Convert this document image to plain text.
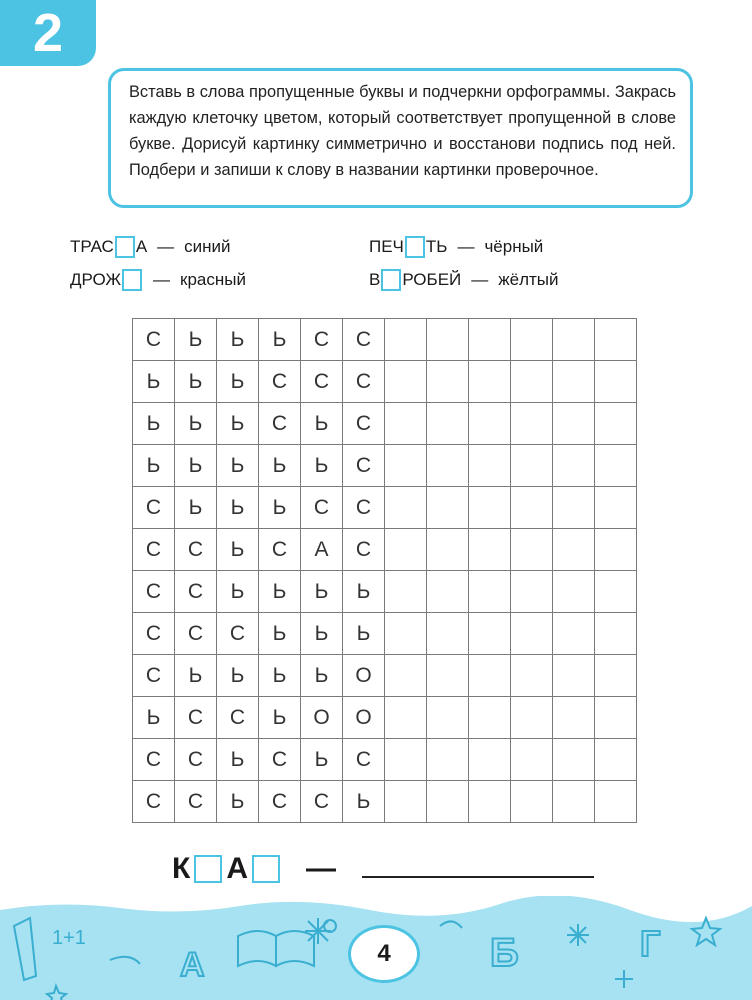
2
Вставь в слова пропущенные буквы и подчеркни орфограммы. Закрась каждую клеточку цветом, который соответствует пропущенной в слове букве. Дорисуй картинку симметрично и восстанови подпись под ней. Подбери и запиши к слову в названии картинки проверочное.
ТРАС А — синий
ДРОЖ — красный
ПЕЧ ТЬ — чёрный
В РОБЕЙ — жёлтый
С	Ь	Ь	Ь	С	С
Ь	Ь	Ь	С	С	С
Ь	Ь	Ь	С	Ь	С
Ь	Ь	Ь	Ь	Ь	С
С	Ь	Ь	Ь	С	С
С	С	Ь	С	А	С
С	С	Ь	Ь	Ь	Ь
С	С	С	Ь	Ь	Ь
С	Ь	Ь	Ь	Ь	О
Ь	С	С	Ь	О	О
С	С	Ь	С	Ь	С
С	С	Ь	С	С	Ь
К А —
1+1
А	Б	Г
4
